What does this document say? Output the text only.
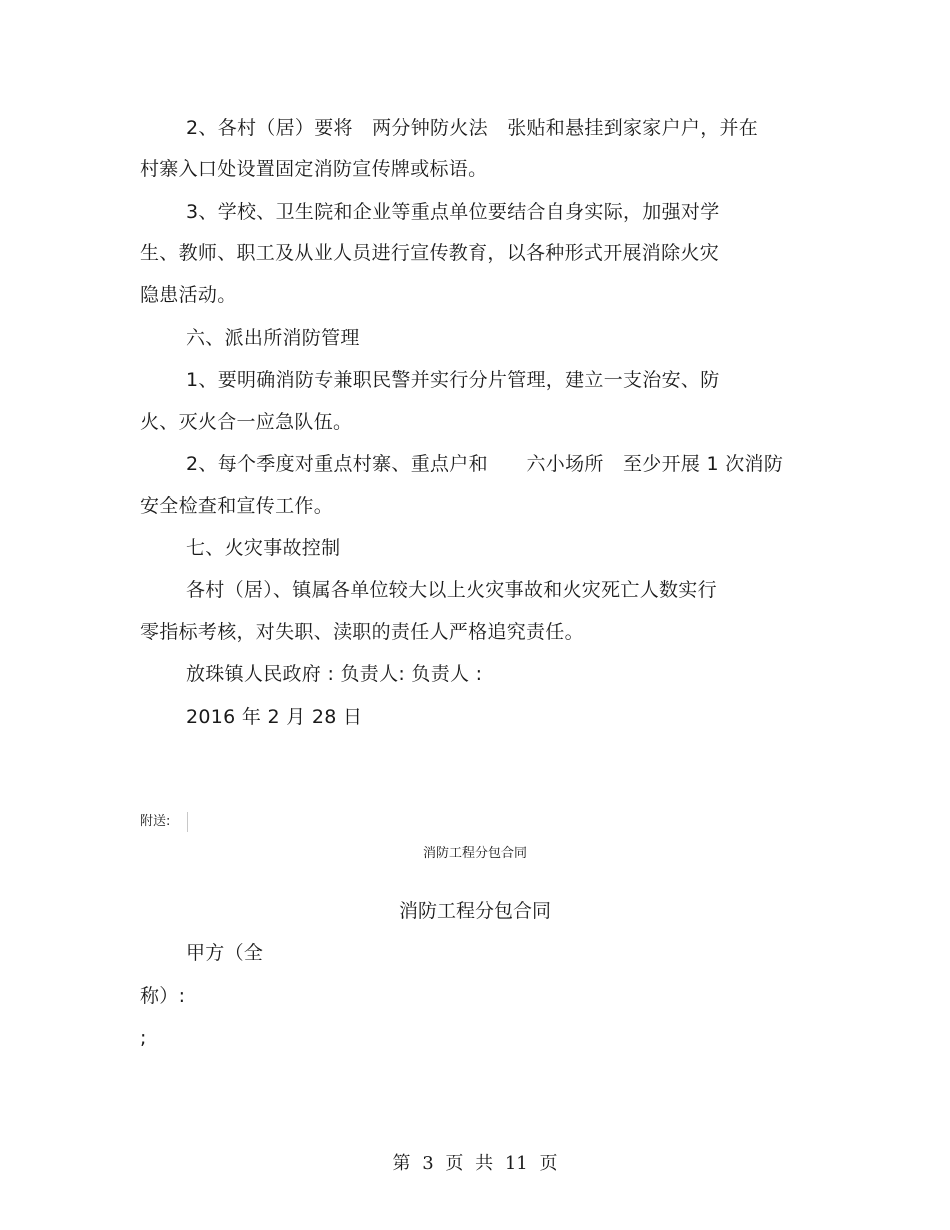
2、各村（居）要将　两分钟防火法　张贴和悬挂到家家户户，并在
村寨入口处设置固定消防宣传牌或标语。
3、学校、卫生院和企业等重点单位要结合自身实际，加强对学
生、教师、职工及从业人员进行宣传教育，以各种形式开展消除火灾
隐患活动。
六、派出所消防管理
1、要明确消防专兼职民警并实行分片管理，建立一支治安、防
火、灭火合一应急队伍。
2、每个季度对重点村寨、重点户和　　六小场所　至少开展 1 次消防
安全检查和宣传工作。
七、火灾事故控制
各村（居）、镇属各单位较大以上火灾事故和火灾死亡人数实行
零指标考核，对失职、渎职的责任人严格追究责任。
放珠镇人民政府 : 负责人: 负责人 :
2016 年 2 月 28 日
附送:
消防工程分包合同
消防工程分包合同
甲方（全
称）:
;
第 3 页 共 11 页
